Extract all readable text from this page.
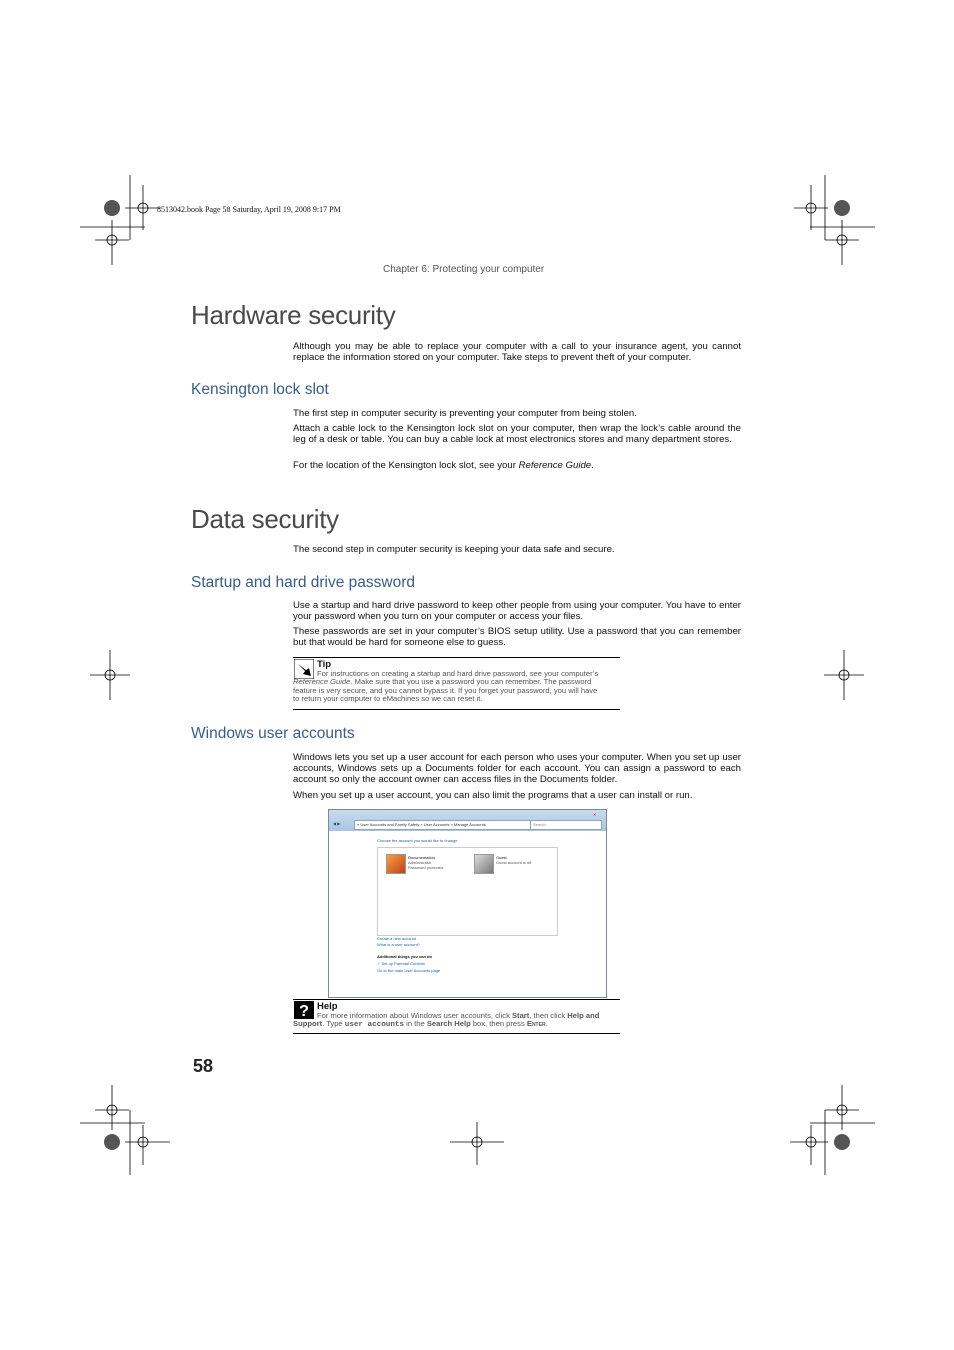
8513042.book Page 58 Saturday, April 19, 2008 9:17 PM
Chapter 6: Protecting your computer
Hardware security

Although you may be able to replace your computer with a call to your insurance agent, you cannot replace the information stored on your computer. Take steps to prevent theft of your computer.

Kensington lock slot

The first step in computer security is preventing your computer from being stolen.

Attach a cable lock to the Kensington lock slot on your computer, then wrap the lock’s cable around the leg of a desk or table. You can buy a cable lock at most electronics stores and many department stores.

For the location of the Kensington lock slot, see your Reference Guide.

Data security

The second step in computer security is keeping your data safe and secure.

Startup and hard drive password

Use a startup and hard drive password to keep other people from using your computer. You have to enter your password when you turn on your computer or access your files.

These passwords are set in your computer’s BIOS setup utility. Use a password that you can remember but that would be hard for someone else to guess.

Tip

For instructions on creating a startup and hard drive password, see your computer’s
Reference Guide. Make sure that you use a password you can remember. The password
feature is very secure, and you cannot bypass it. If you forget your password, you will have
to return your computer to eMachines so we can reset it.

Windows user accounts

Windows lets you set up a user account for each person who uses your computer. When you set up user accounts, Windows sets up a Documents folder for each account. You can assign a password to each account so only the account owner can access files in the Documents folder.

When you set up a user account, you can also limit the programs that a user can install or run.

◀ ▶	« User Accounts and Family Safety » User Accounts » Manage Accounts	Search
✕
Choose the account you would like to change
Documentation
Administrator
Password protected
Guest
Guest account is off
Create a new account
What is a user account?
Additional things you can do
✓ Set up Parental Controls
Go to the main User Accounts page
? Help

For more information about Windows user accounts, click Start, then click Help and
Support. Type user accounts in the Search Help box, then press Enter.

58
